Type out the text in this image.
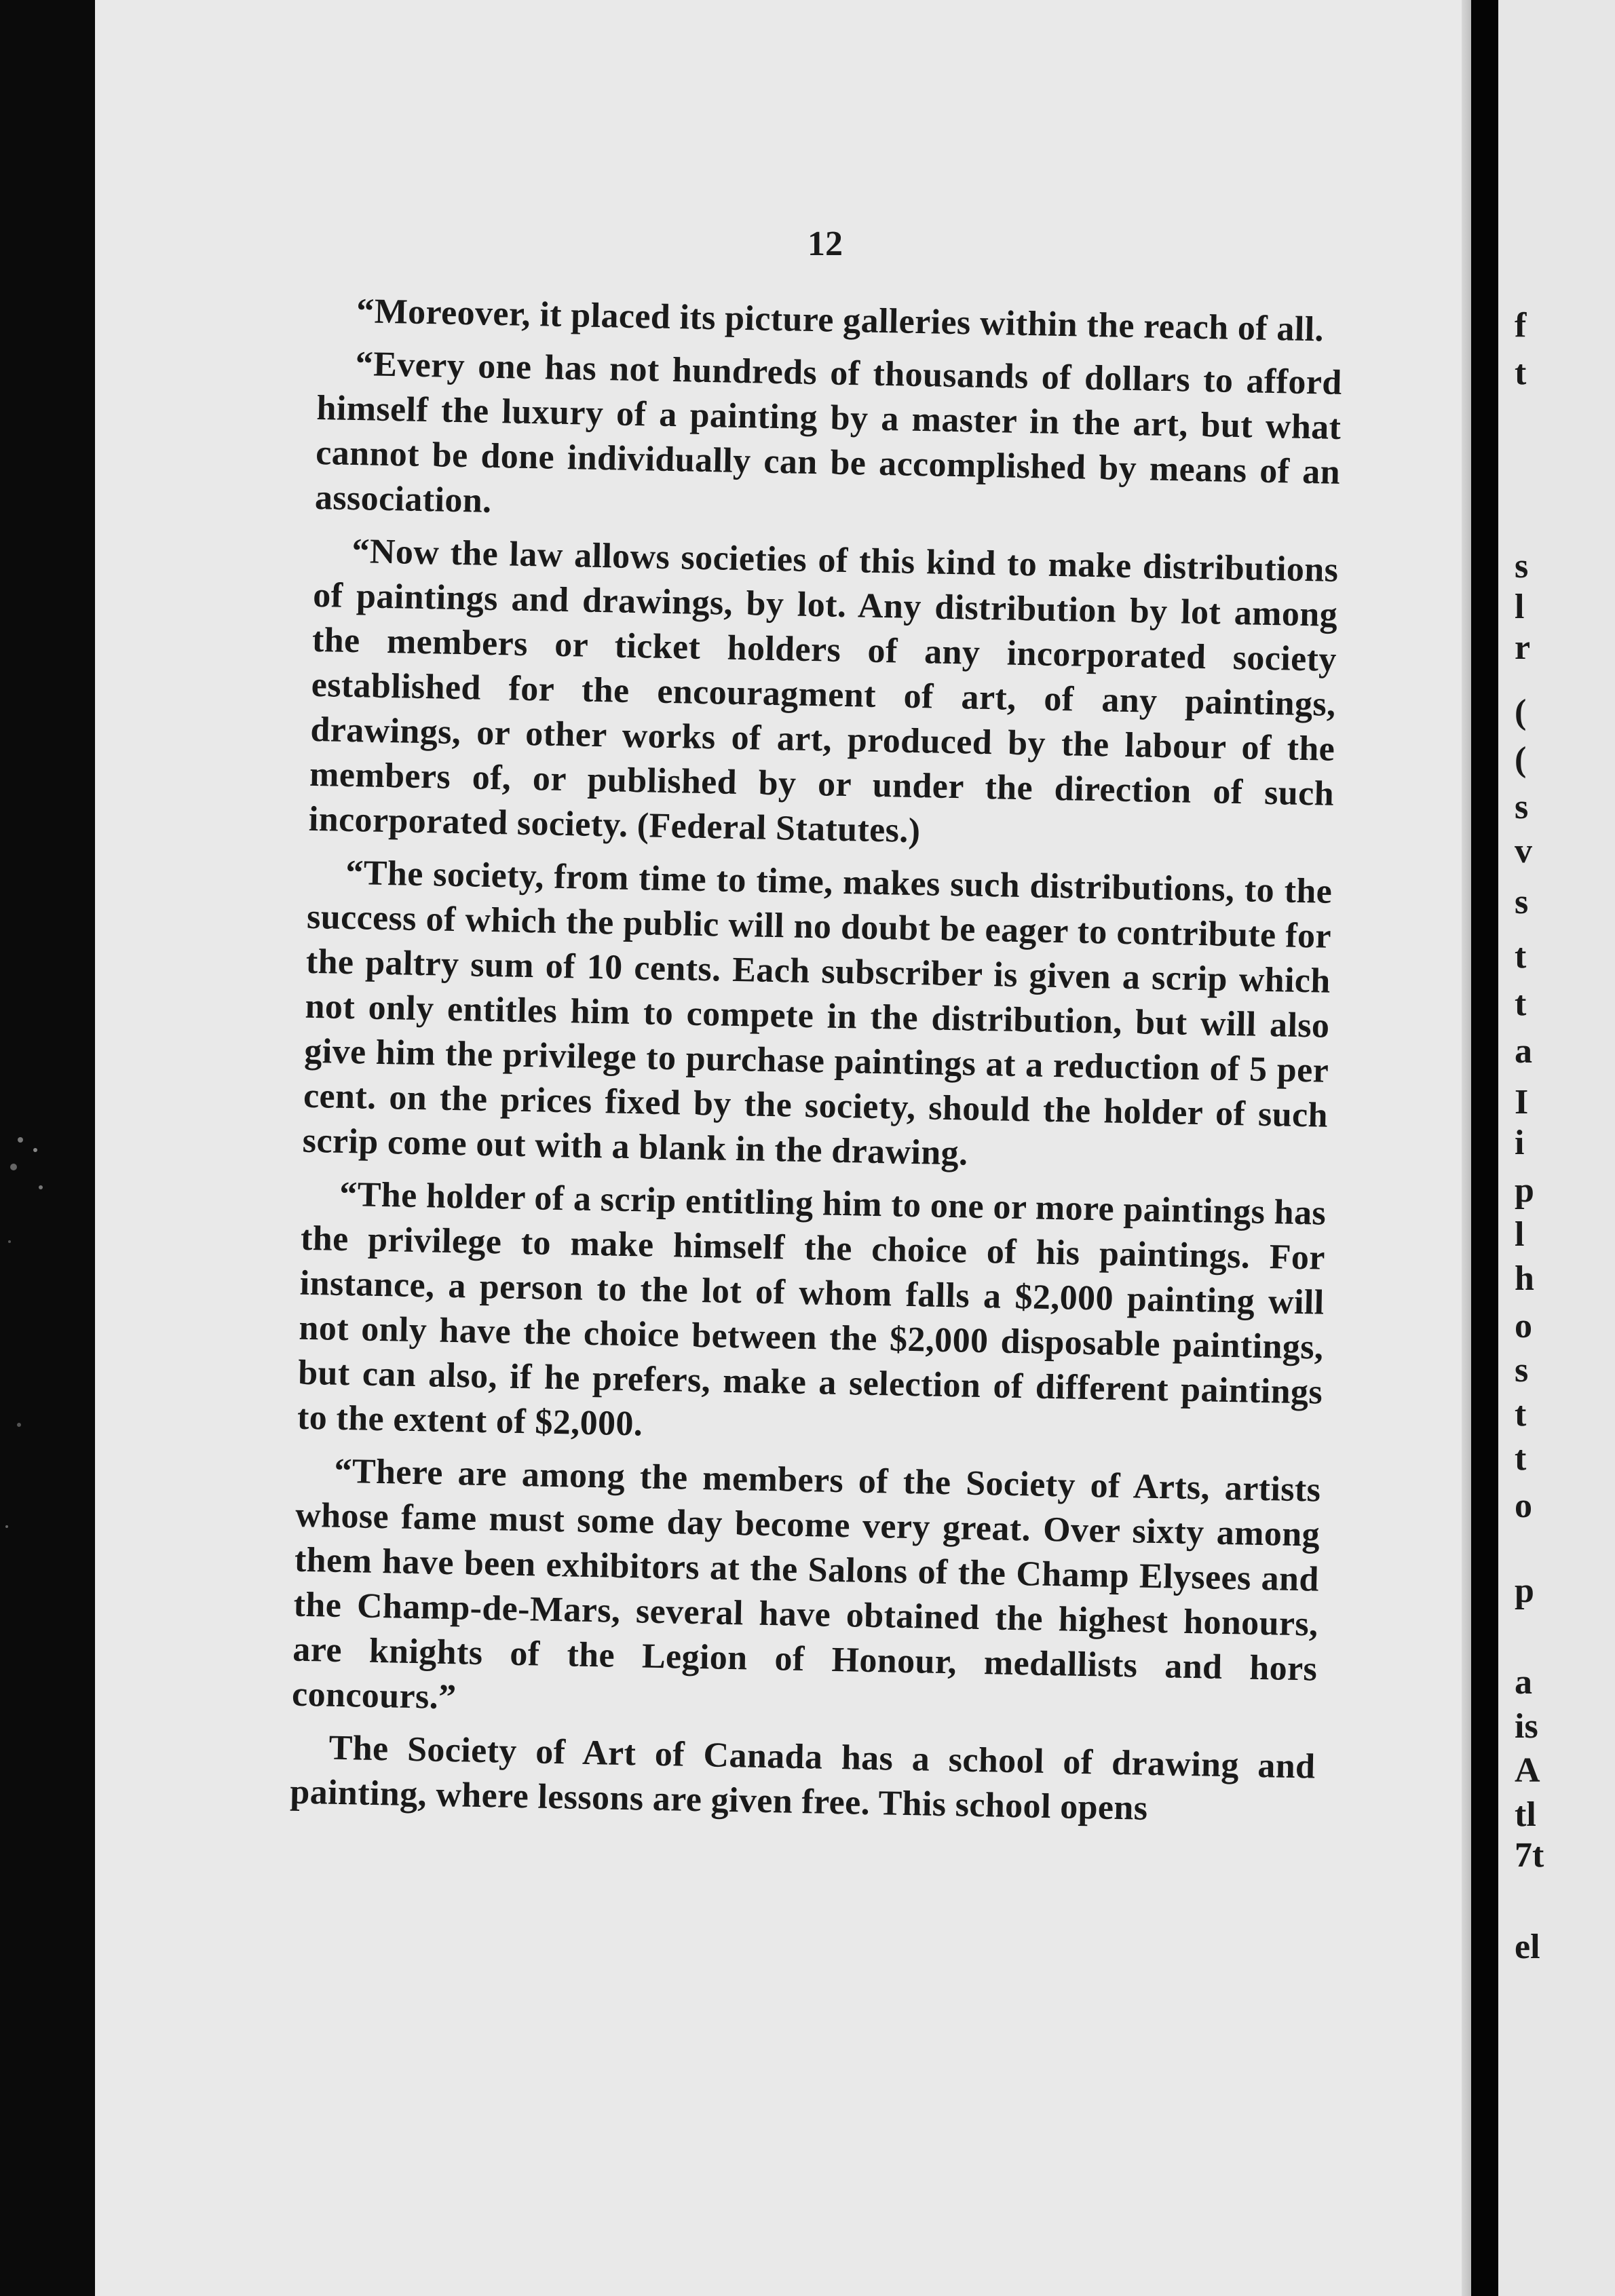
12

“Moreover, it placed its picture galleries within the reach of all.

“Every one has not hundreds of thousands of dollars to afford himself the luxury of a painting by a master in the art, but what cannot be done individually can be accomplished by means of an association.

“Now the law allows societies of this kind to make distributions of paintings and drawings, by lot. Any distribution by lot among the members or ticket holders of any incorporated society established for the encouragment of art, of any paintings, drawings, or other works of art, produced by the labour of the members of, or published by or under the direction of such incorporated society. (Federal Statutes.)

“The society, from time to time, makes such distributions, to the success of which the public will no doubt be eager to contribute for the paltry sum of 10 cents. Each subscriber is given a scrip which not only entitles him to compete in the distribution, but will also give him the privilege to purchase paintings at a reduction of 5 per cent. on the prices fixed by the society, should the holder of such scrip come out with a blank in the drawing.

“The holder of a scrip entitling him to one or more paintings has the privilege to make himself the choice of his paintings. For instance, a person to the lot of whom falls a $2,000 painting will not only have the choice between the $2,000 disposable paintings, but can also, if he prefers, make a selection of different paintings to the extent of $2,000.

“There are among the members of the Society of Arts, artists whose fame must some day become very great. Over sixty among them have been exhibitors at the Salons of the Champ Elysees and the Champ-de-Mars, several have obtained the highest honours, are knights of the Legion of Honour, medallists and hors concours.”

The Society of Art of Canada has a school of drawing and painting, where lessons are given free. This school opens

f
t
s
l
r
(
(
s
v
s
t
t
a
I
i
p
l
h
o
s
t
t
o
p
a
is
A
tl
7t
el
